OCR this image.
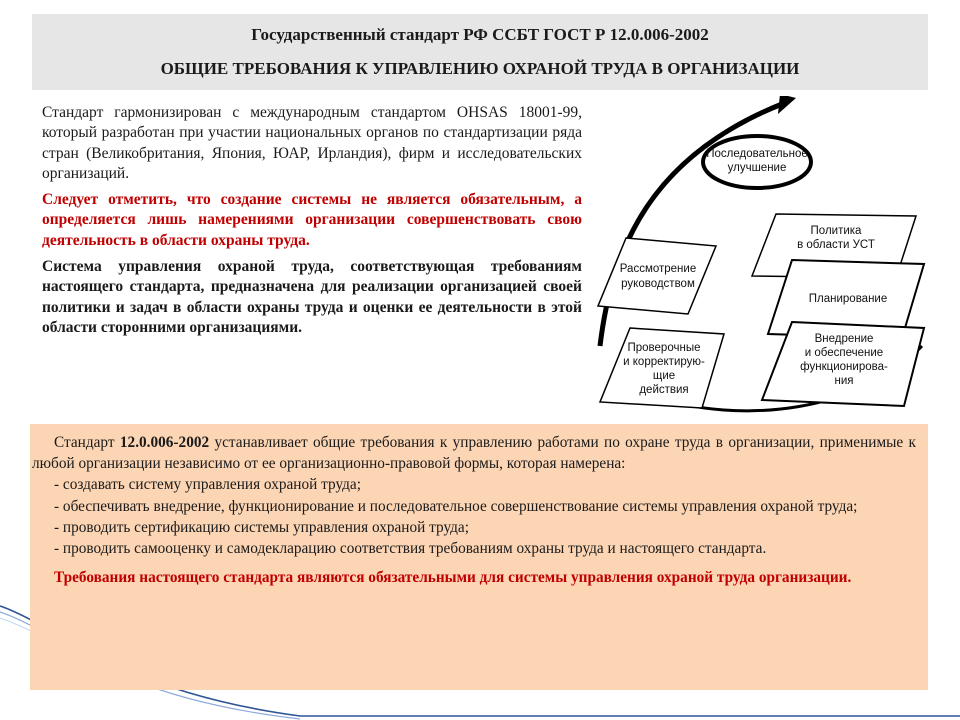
Государственный стандарт РФ ССБТ ГОСТ Р 12.0.006-2002
ОБЩИЕ ТРЕБОВАНИЯ К УПРАВЛЕНИЮ ОХРАНОЙ ТРУДА В ОРГАНИЗАЦИИ

Стандарт гармонизирован с международным стандартом OHSAS 18001-99, который разработан при участии национальных органов по стандартизации ряда стран (Великобритания, Япония, ЮАР, Ирландия), фирм и исследовательских организаций.

Следует отметить, что создание системы не является обязательным, а определяется лишь намерениями организации совершенствовать свою деятельность в области охраны труда.

Система управления охраной труда, соответствующая требованиям настоящего стандарта, предназначена для реализации организацией своей политики и задач в области охраны труда и оценки ее деятельности в этой области сторонними организациями.

Последовательное
улучшение
Рассмотрение
руководством
Проверочные
и корректирую-
щие
действия
Политика
в области УСТ
Планирование
Внедрение
и обеспечение
функционирова-
ния

Стандарт 12.0.006-2002 устанавливает общие требования к управлению работами по охране труда в организации, применимые к любой организации независимо от ее организационно-правовой формы, которая намерена:

- создавать систему управления охраной труда;

- обеспечивать внедрение, функционирование и последовательное совершенствование системы управления охраной труда;

- проводить сертификацию системы управления охраной труда;

- проводить самооценку и самодекларацию соответствия требованиям охраны труда и настоящего стандарта.

Требования настоящего стандарта являются обязательными для системы управления охраной труда организации.
